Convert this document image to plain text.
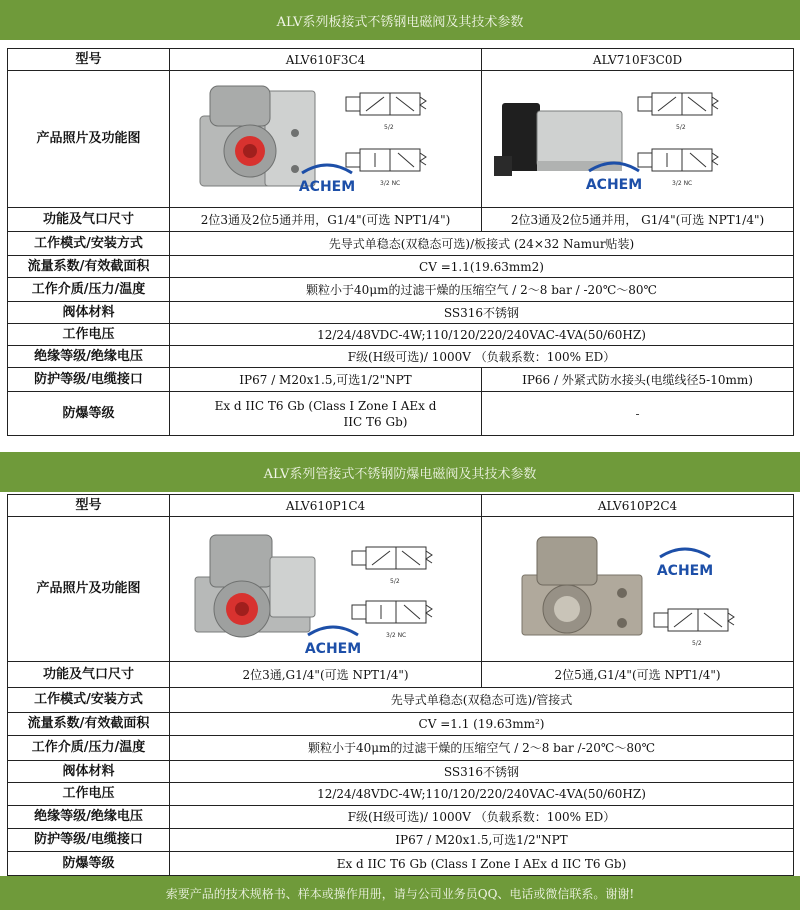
ALV系列板接式不锈钢电磁阀及其技术参数
型号	ALV610F3C4	ALV710F3C0D
产品照片及功能图	ACHEM
5/2
3/2 NC	ACHEM
5/2
3/2 NC

功能及气口尺寸	2位3通及2位5通并用，G1/4"(可选 NPT1/4")	2位3通及2位5通并用， G1/4"(可选 NPT1/4")
工作模式/安装方式	先导式单稳态(双稳态可选)/板接式 (24×32 Namur贴装)	
流量系数/有效截面积	CV =1.1(19.63mm2)	
工作介质/压力/温度	颗粒小于40μm的过滤干燥的压缩空气 / 2～8 bar / -20℃～80℃	
阀体材料	SS316不锈钢	
工作电压	12/24/48VDC-4W;110/120/220/240VAC-4VA(50/60HZ)	
绝缘等级/绝缘电压	F级(H级可选)/ 1000V （负载系数：100% ED）	
防护等级/电缆接口	IP67 / M20x1.5,可选1/2"NPT	IP66 / 外紧式防水接头(电缆线径5-10mm)
防爆等级	Ex d IIC T6 Gb (Class I Zone I AEx d
IIC T6 Gb)	-
ALV系列管接式不锈钢防爆电磁阀及其技术参数
型号	ALV610P1C4	ALV610P2C4
产品照片及功能图	ACHEM
5/2
3/2 NC	ACHEM
5/2

功能及气口尺寸	2位3通,G1/4"(可选 NPT1/4")	2位5通,G1/4"(可选 NPT1/4")
工作模式/安装方式	先导式单稳态(双稳态可选)/管接式	
流量系数/有效截面积	CV =1.1 (19.63mm²)	
工作介质/压力/温度	颗粒小于40μm的过滤干燥的压缩空气 / 2～8 bar /-20℃～80℃	
阀体材料	SS316不锈钢	
工作电压	12/24/48VDC-4W;110/120/220/240VAC-4VA(50/60HZ)	
绝缘等级/绝缘电压	F级(H级可选)/ 1000V （负载系数：100% ED）	
防护等级/电缆接口	IP67 / M20x1.5,可选1/2"NPT	
防爆等级	Ex d IIC T6 Gb (Class I Zone I AEx d IIC T6 Gb)	
索要产品的技术规格书、样本或操作用册，请与公司业务员QQ、电话或微信联系。谢谢!
